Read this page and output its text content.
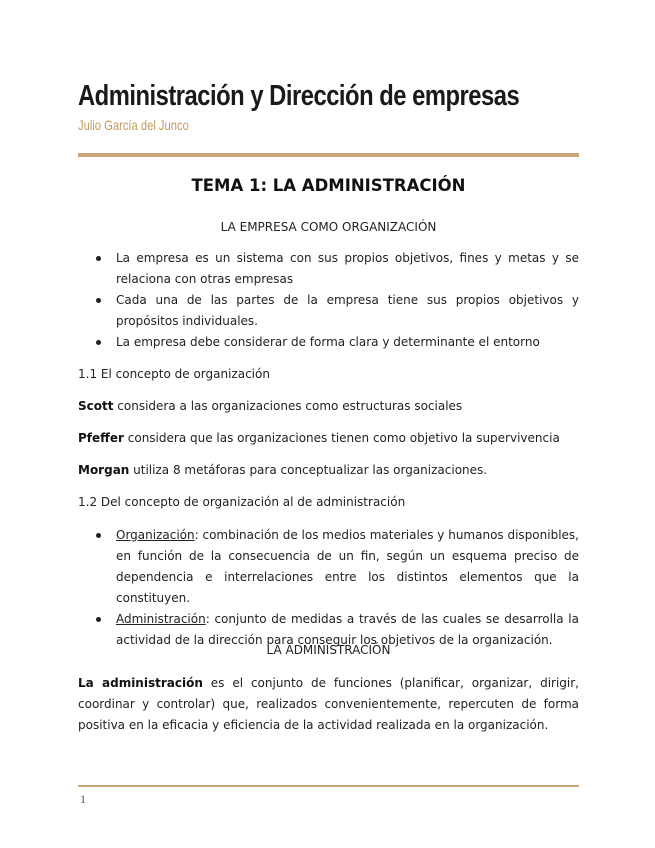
Administración y Dirección de empresas
Julio García del Junco
TEMA 1: LA ADMINISTRACIÓN
LA EMPRESA COMO ORGANIZACIÓN
La empresa es un sistema con sus propios objetivos, fines y metas y se relaciona con otras empresas
Cada una de las partes de la empresa tiene sus propios objetivos y propósitos individuales.
La empresa debe considerar de forma clara y determinante el entorno
1.1 El concepto de organización
Scott considera a las organizaciones como estructuras sociales
Pfeffer considera que las organizaciones tienen como objetivo la supervivencia
Morgan utiliza 8 metáforas para conceptualizar las organizaciones.
1.2 Del concepto de organización al de administración
Organización: combinación de los medios materiales y humanos disponibles, en función de la consecuencia de un fin, según un esquema preciso de dependencia e interrelaciones entre los distintos elementos que la constituyen.
Administración: conjunto de medidas a través de las cuales se desarrolla la actividad de la dirección para conseguir los objetivos de la organización.
LA ADMINISTRACIÓN
La administración es el conjunto de funciones (planificar, organizar, dirigir, coordinar y controlar) que, realizados convenientemente, repercuten de forma positiva en la eficacia y eficiencia de la actividad realizada en la organización.
1
